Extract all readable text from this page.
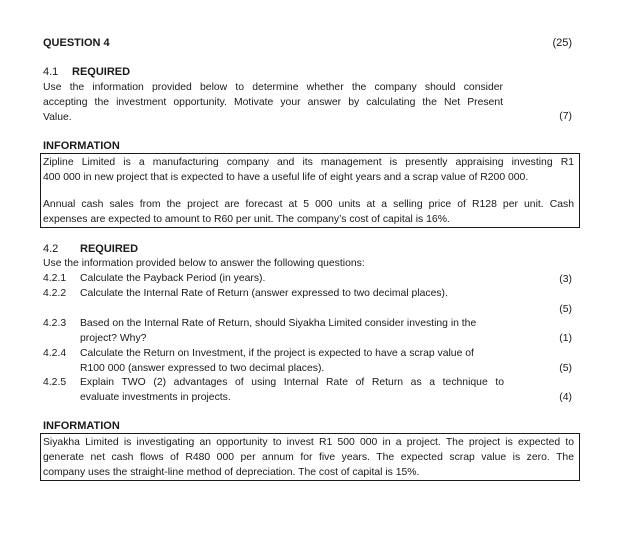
QUESTION 4	(25)
4.1 REQUIRED
Use the information provided below to determine whether the company should consider
accepting the investment opportunity. Motivate your answer by calculating the Net Present
Value.	(7)
INFORMATION
Zipline Limited is a manufacturing company and its management is presently appraising investing R1
400 000 in new project that is expected to have a useful life of eight years and a scrap value of R200 000.
Annual cash sales from the project are forecast at 5 000 units at a selling price of R128 per unit. Cash
expenses are expected to amount to R60 per unit. The company’s cost of capital is 16%.
4.2 REQUIRED
Use the information provided below to answer the following questions:
4.2.1 Calculate the Payback Period (in years).	(3)
4.2.2 Calculate the Internal Rate of Return (answer expressed to two decimal places).
(5)
4.2.3 Based on the Internal Rate of Return, should Siyakha Limited consider investing in the
project? Why?	(1)
4.2.4 Calculate the Return on Investment, if the project is expected to have a scrap value of
R100 000 (answer expressed to two decimal places).	(5)
4.2.5 Explain TWO (2) advantages of using Internal Rate of Return as a technique to
evaluate investments in projects.	(4)
INFORMATION
Siyakha Limited is investigating an opportunity to invest R1 500 000 in a project. The project is expected to
generate net cash flows of R480 000 per annum for five years. The expected scrap value is zero. The
company uses the straight-line method of depreciation. The cost of capital is 15%.
